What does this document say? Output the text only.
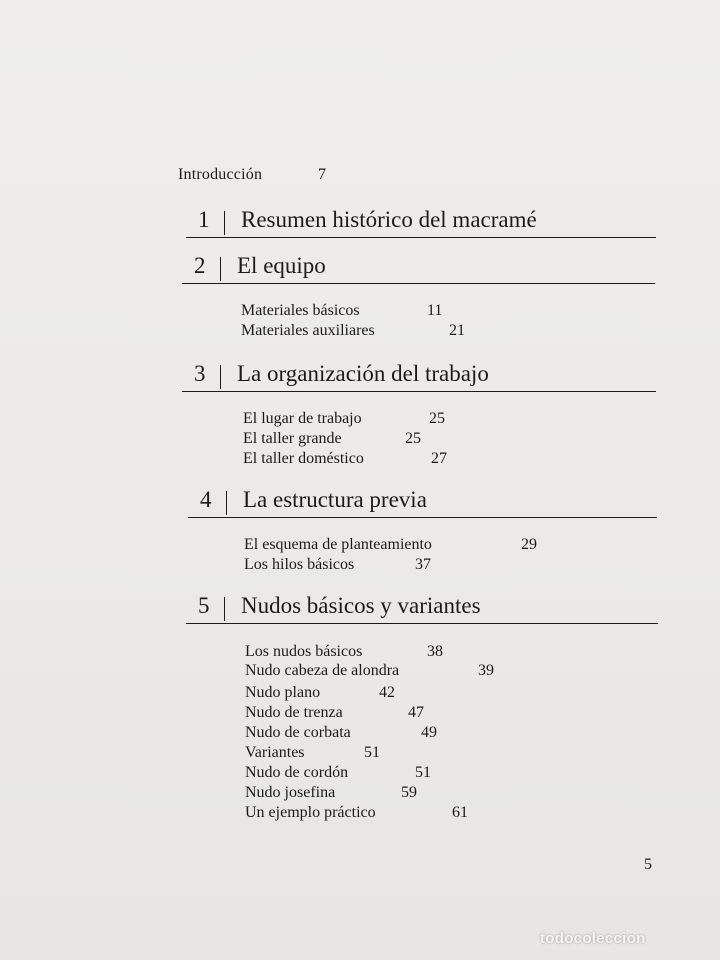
Introducción	7
1 Resumen histórico del macramé
2 El equipo
Materiales básicos	11
Materiales auxiliares	21
3 La organización del trabajo
El lugar de trabajo	25
El taller grande	25
El taller doméstico	27
4 La estructura previa
El esquema de planteamiento	29
Los hilos básicos	37
5 Nudos básicos y variantes
Los nudos básicos	38
Nudo cabeza de alondra	39
Nudo plano	42
Nudo de trenza	47
Nudo de corbata	49
Variantes	51
Nudo de cordón	51
Nudo josefina	59
Un ejemplo práctico	61
5
todocoleccion
